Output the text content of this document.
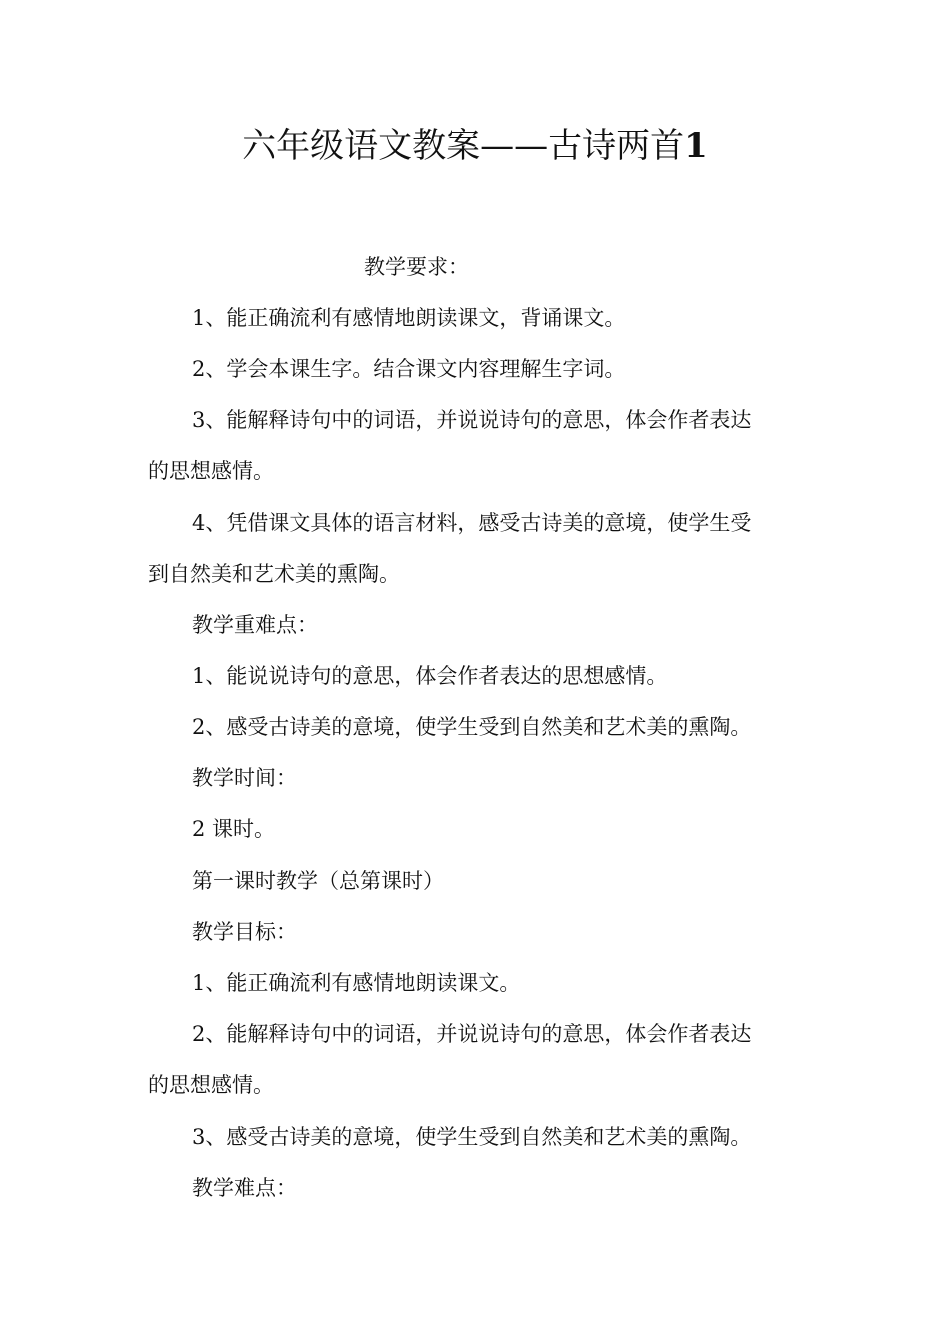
六年级语文教案——古诗两首1
教学要求：
1、能正确流利有感情地朗读课文，背诵课文。
2、学会本课生字。结合课文内容理解生字词。
3、能解释诗句中的词语，并说说诗句的意思，体会作者表达
的思想感情。
4、凭借课文具体的语言材料，感受古诗美的意境，使学生受
到自然美和艺术美的熏陶。
教学重难点：
1、能说说诗句的意思，体会作者表达的思想感情。
2、感受古诗美的意境，使学生受到自然美和艺术美的熏陶。
教学时间：
2 课时。
第一课时教学（总第课时）
教学目标：
1、能正确流利有感情地朗读课文。
2、能解释诗句中的词语，并说说诗句的意思，体会作者表达
的思想感情。
3、感受古诗美的意境，使学生受到自然美和艺术美的熏陶。
教学难点：
